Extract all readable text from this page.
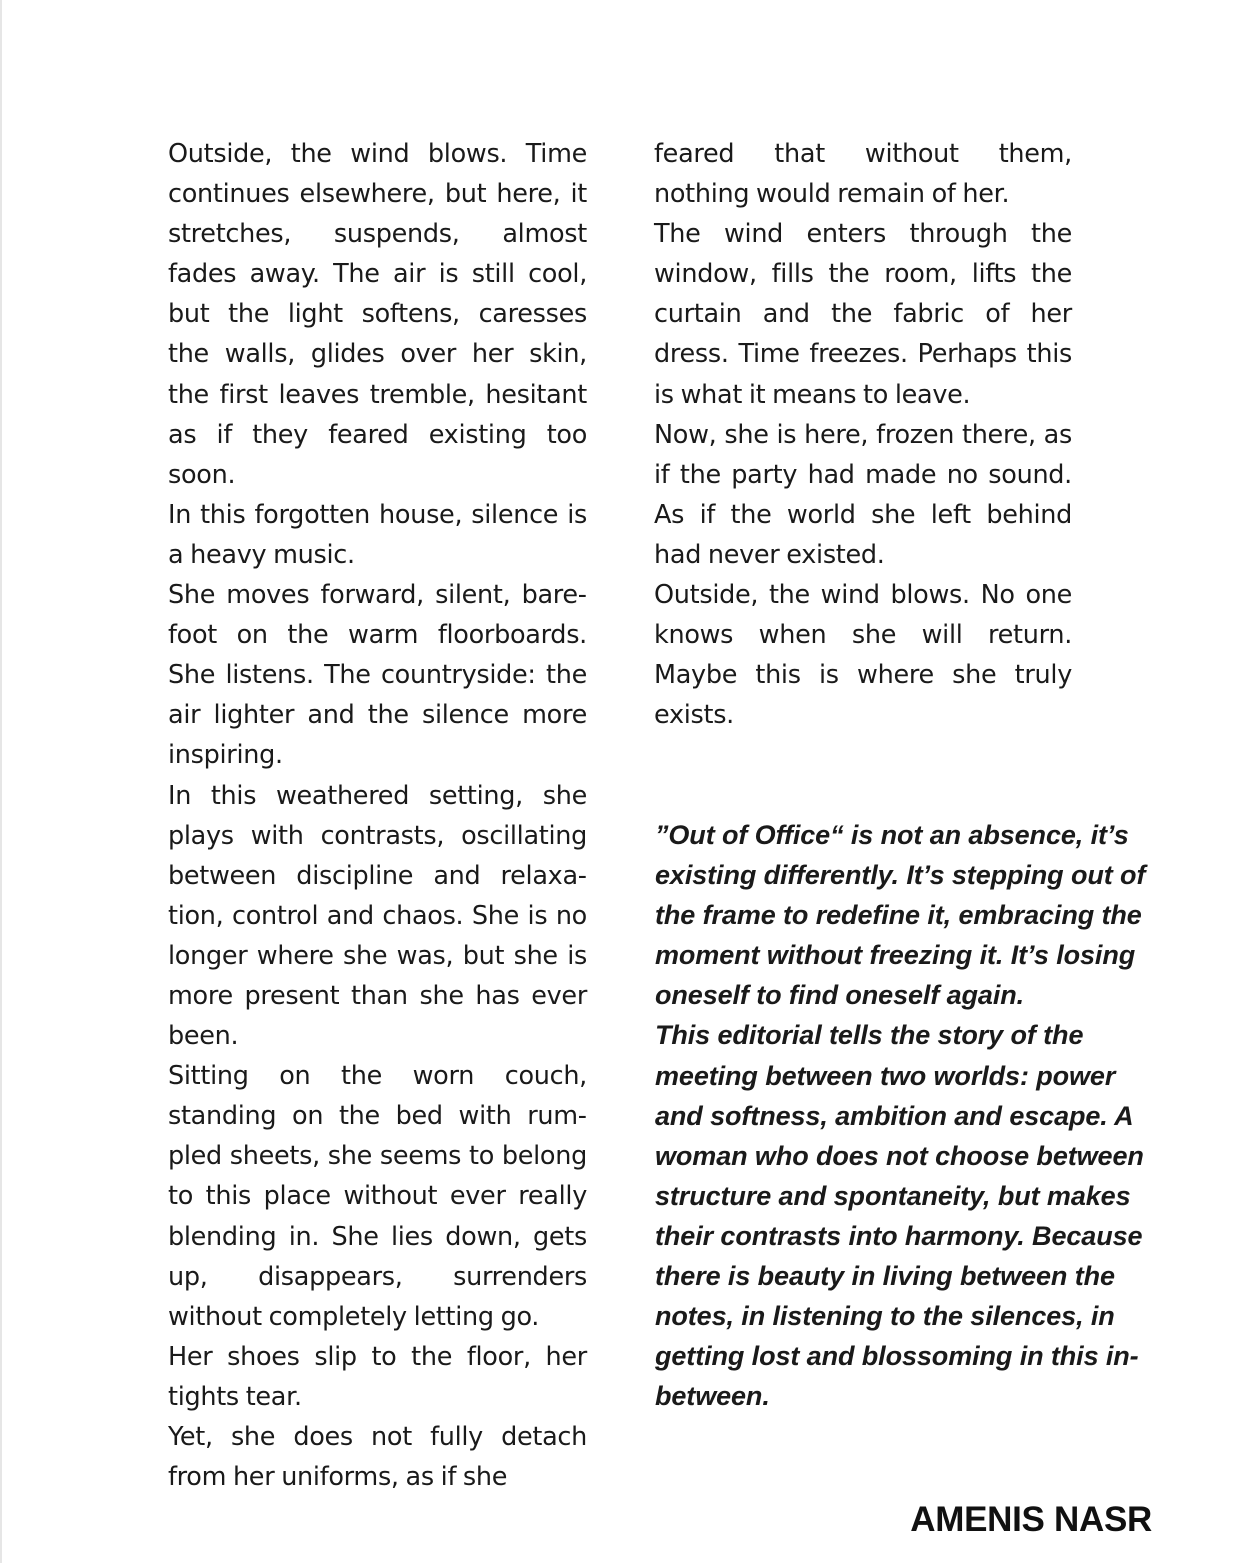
Outside, the wind blows. Time continues elsewhere, but here, it stretches, suspends, almost fades away. The air is still cool, but the light softens, caresses the walls, glides over her skin, the first leaves tremble, hesitant as if they feared existing too soon.

In this forgotten house, silence is a heavy music.

She moves forward, silent, barefoot on the warm floorboards. She listens. The countryside: the air lighter and the silence more inspiring.

In this weathered setting, she plays with contrasts, oscillating between discipline and relaxation, control and chaos. She is no longer where she was, but she is more present than she has ever been.

Sitting on the worn couch, standing on the bed with rumpled sheets, she seems to belong to this place without ever really blending in. She lies down, gets up, disappears, surrenders without completely letting go.

Her shoes slip to the floor, her tights tear.

Yet, she does not fully detach from her uniforms, as if she

feared that without them, nothing would remain of her.

The wind enters through the window, fills the room, lifts the curtain and the fabric of her dress. Time freezes. Perhaps this is what it means to leave.

Now, she is here, frozen there, as if the party had made no sound. As if the world she left behind had never existed.

Outside, the wind blows. No one knows when she will return. Maybe this is where she truly exists.

”Out of Office“ is not an absence, it’s existing differently. It’s stepping out of the frame to redefine it, embracing the moment without freezing it. It’s losing oneself to find oneself again.

This editorial tells the story of the meeting between two worlds: power and softness, ambition and escape. A woman who does not choose between structure and spontaneity, but makes their contrasts into harmony. Because there is beauty in living between the notes, in listening to the silences, in getting lost and blossoming in this in-between.

AMENIS NASR
